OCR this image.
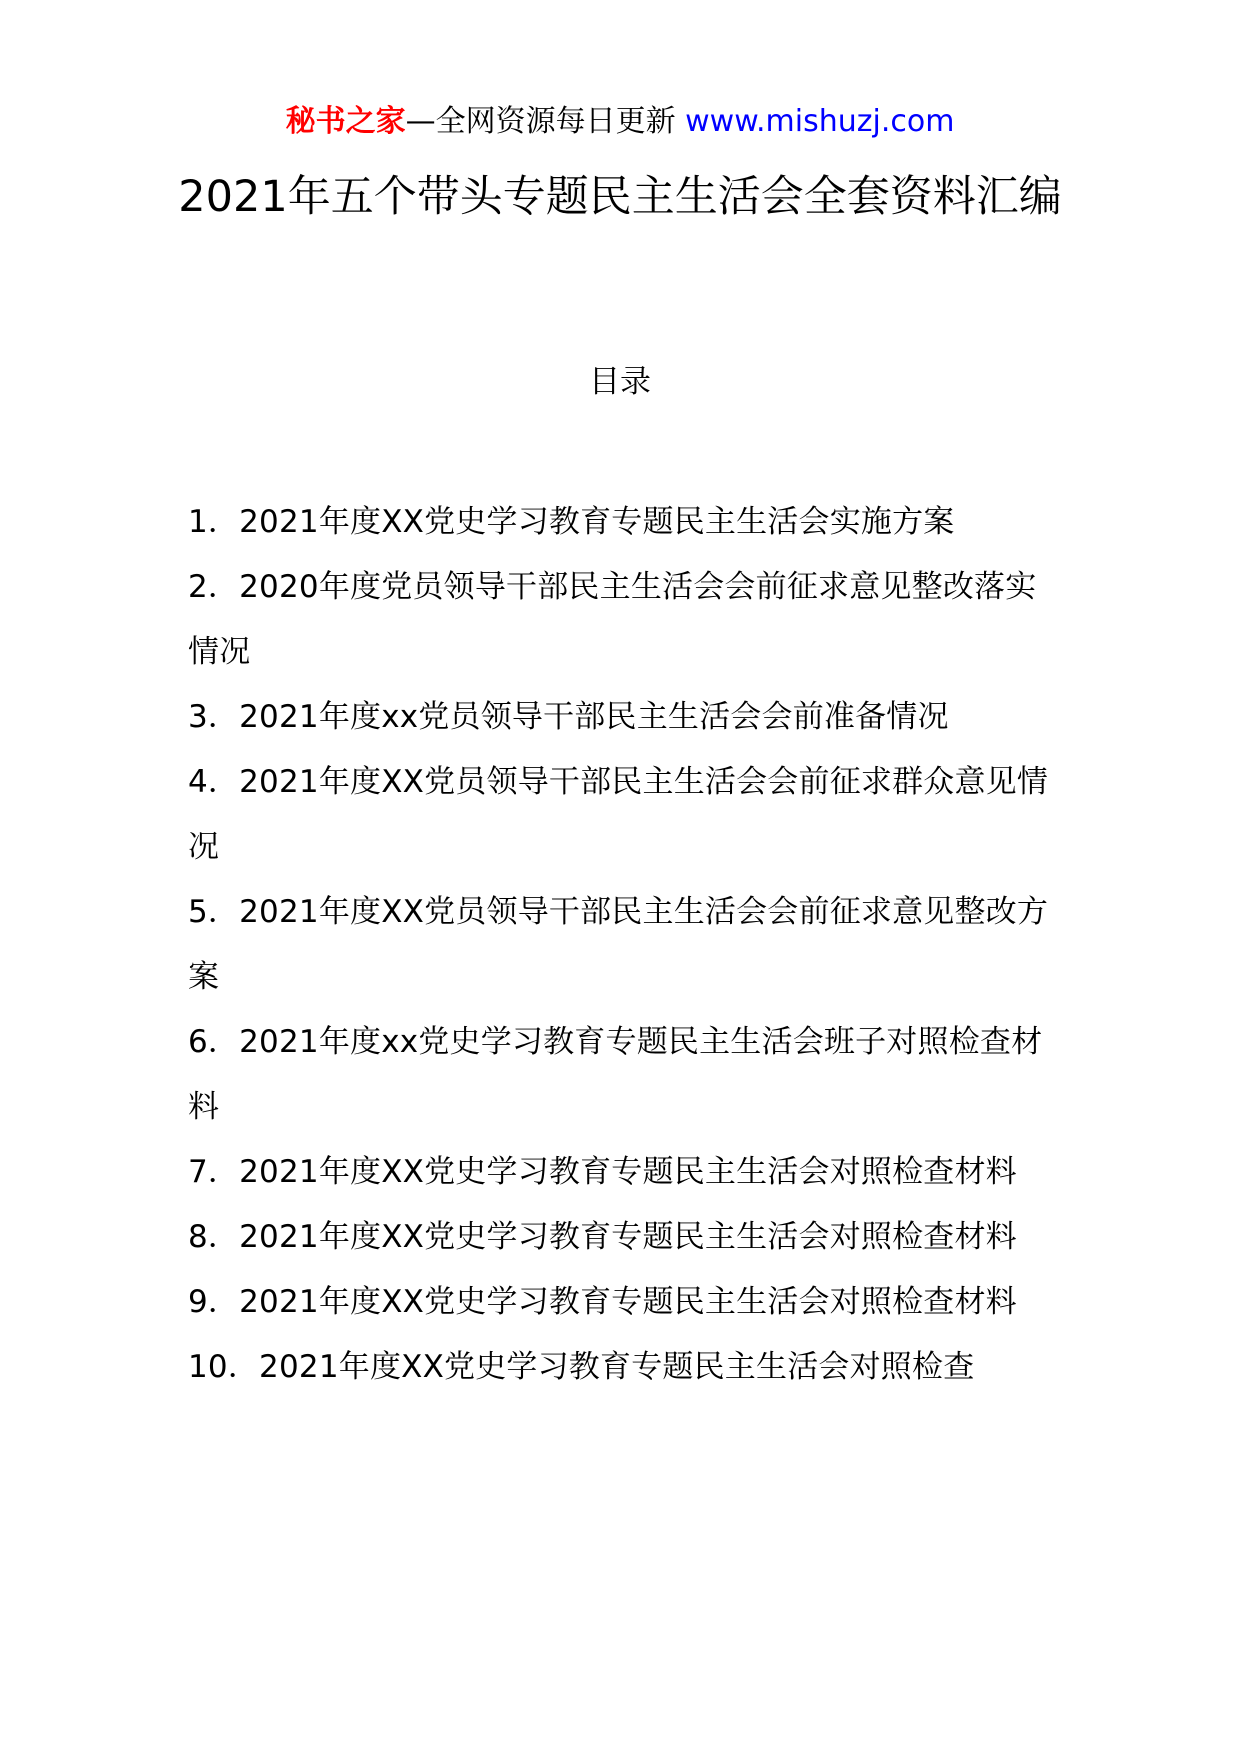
秘书之家—全网资源每日更新 www.mishuzj.com
2021年五个带头专题民主生活会全套资料汇编
目录
1．2021年度XX党史学习教育专题民主生活会实施方案
2．2020年度党员领导干部民主生活会会前征求意见整改落实情况
3．2021年度xx党员领导干部民主生活会会前准备情况
4．2021年度XX党员领导干部民主生活会会前征求群众意见情况
5．2021年度XX党员领导干部民主生活会会前征求意见整改方案
6．2021年度xx党史学习教育专题民主生活会班子对照检查材料
7．2021年度XX党史学习教育专题民主生活会对照检查材料
8．2021年度XX党史学习教育专题民主生活会对照检查材料
9．2021年度XX党史学习教育专题民主生活会对照检查材料
10．2021年度XX党史学习教育专题民主生活会对照检查
